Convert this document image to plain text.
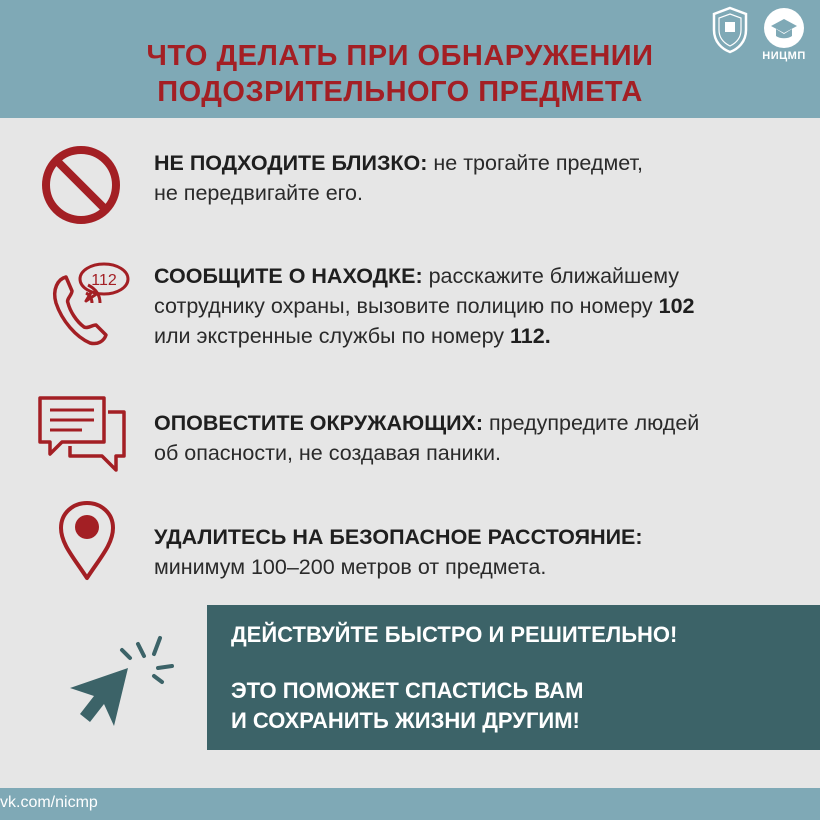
ЧТО ДЕЛАТЬ ПРИ ОБНАРУЖЕНИИ
ПОДОЗРИТЕЛЬНОГО ПРЕДМЕТА
НИЦМП
НЕ ПОДХОДИТЕ БЛИЗКО: не трогайте предмет,
не передвигайте его.
112 СООБЩИТЕ О НАХОДКЕ: расскажите ближайшему
сотруднику охраны, вызовите полицию по номеру 102
или экстренные службы по номеру 112.
ОПОВЕСТИТЕ ОКРУЖАЮЩИХ: предупредите людей
об опасности, не создавая паники.
УДАЛИТЕСЬ НА БЕЗОПАСНОЕ РАССТОЯНИЕ:
минимум 100–200 метров от предмета.
ДЕЙСТВУЙТЕ БЫСТРО И РЕШИТЕЛЬНО!
ЭТО ПОМОЖЕТ СПАСТИСЬ ВАМ
И СОХРАНИТЬ ЖИЗНИ ДРУГИМ!
vk.com/nicmp
